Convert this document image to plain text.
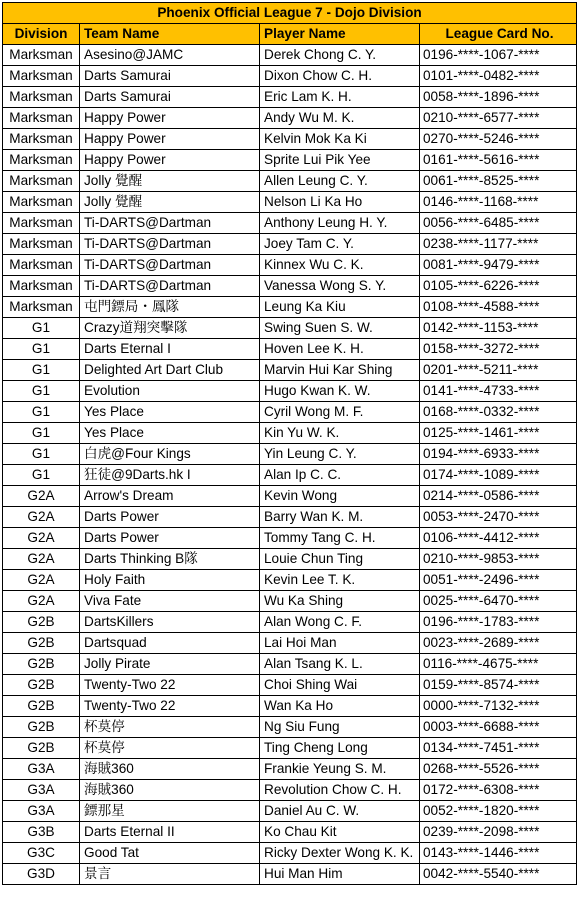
Phoenix Official League 7 - Dojo Division			
Division	Team Name	Player Name	League Card No.
Marksman	Asesino@JAMC	Derek Chong C. Y.	0196-****-1067-****
Marksman	Darts Samurai	Dixon Chow C. H.	0101-****-0482-****
Marksman	Darts Samurai	Eric Lam K. H.	0058-****-1896-****
Marksman	Happy Power	Andy Wu M. K.	0210-****-6577-****
Marksman	Happy Power	Kelvin Mok Ka Ki	0270-****-5246-****
Marksman	Happy Power	Sprite Lui Pik Yee	0161-****-5616-****
Marksman	Jolly 覺醒	Allen Leung C. Y.	0061-****-8525-****
Marksman	Jolly 覺醒	Nelson Li Ka Ho	0146-****-1168-****
Marksman	Ti-DARTS@Dartman	Anthony Leung H. Y.	0056-****-6485-****
Marksman	Ti-DARTS@Dartman	Joey Tam C. Y.	0238-****-1177-****
Marksman	Ti-DARTS@Dartman	Kinnex Wu C. K.	0081-****-9479-****
Marksman	Ti-DARTS@Dartman	Vanessa Wong S. Y.	0105-****-6226-****
Marksman	屯門鏢局・鳳隊	Leung Ka Kiu	0108-****-4588-****
G1	Crazy道翔突擊隊	Swing Suen S. W.	0142-****-1153-****
G1	Darts Eternal I	Hoven Lee K. H.	0158-****-3272-****
G1	Delighted Art Dart Club	Marvin Hui Kar Shing	0201-****-5211-****
G1	Evolution	Hugo Kwan K. W.	0141-****-4733-****
G1	Yes Place	Cyril Wong M. F.	0168-****-0332-****
G1	Yes Place	Kin Yu W. K.	0125-****-1461-****
G1	白虎@Four Kings	Yin Leung C. Y.	0194-****-6933-****
G1	狂徒@9Darts.hk I	Alan Ip C. C.	0174-****-1089-****
G2A	Arrow's Dream	Kevin Wong	0214-****-0586-****
G2A	Darts Power	Barry Wan K. M.	0053-****-2470-****
G2A	Darts Power	Tommy Tang C. H.	0106-****-4412-****
G2A	Darts Thinking B隊	Louie Chun Ting	0210-****-9853-****
G2A	Holy Faith	Kevin Lee T. K.	0051-****-2496-****
G2A	Viva Fate	Wu Ka Shing	0025-****-6470-****
G2B	DartsKillers	Alan Wong C. F.	0196-****-1783-****
G2B	Dartsquad	Lai Hoi Man	0023-****-2689-****
G2B	Jolly Pirate	Alan Tsang K. L.	0116-****-4675-****
G2B	Twenty-Two 22	Choi Shing Wai	0159-****-8574-****
G2B	Twenty-Two 22	Wan Ka Ho	0000-****-7132-****
G2B	杯莫停	Ng Siu Fung	0003-****-6688-****
G2B	杯莫停	Ting Cheng Long	0134-****-7451-****
G3A	海賊360	Frankie Yeung S. M.	0268-****-5526-****
G3A	海賊360	Revolution Chow C. H.	0172-****-6308-****
G3A	鏢那星	Daniel Au C. W.	0052-****-1820-****
G3B	Darts Eternal II	Ko Chau Kit	0239-****-2098-****
G3C	Good Tat	Ricky Dexter Wong K. K.	0143-****-1446-****
G3D	景言	Hui Man Him	0042-****-5540-****
